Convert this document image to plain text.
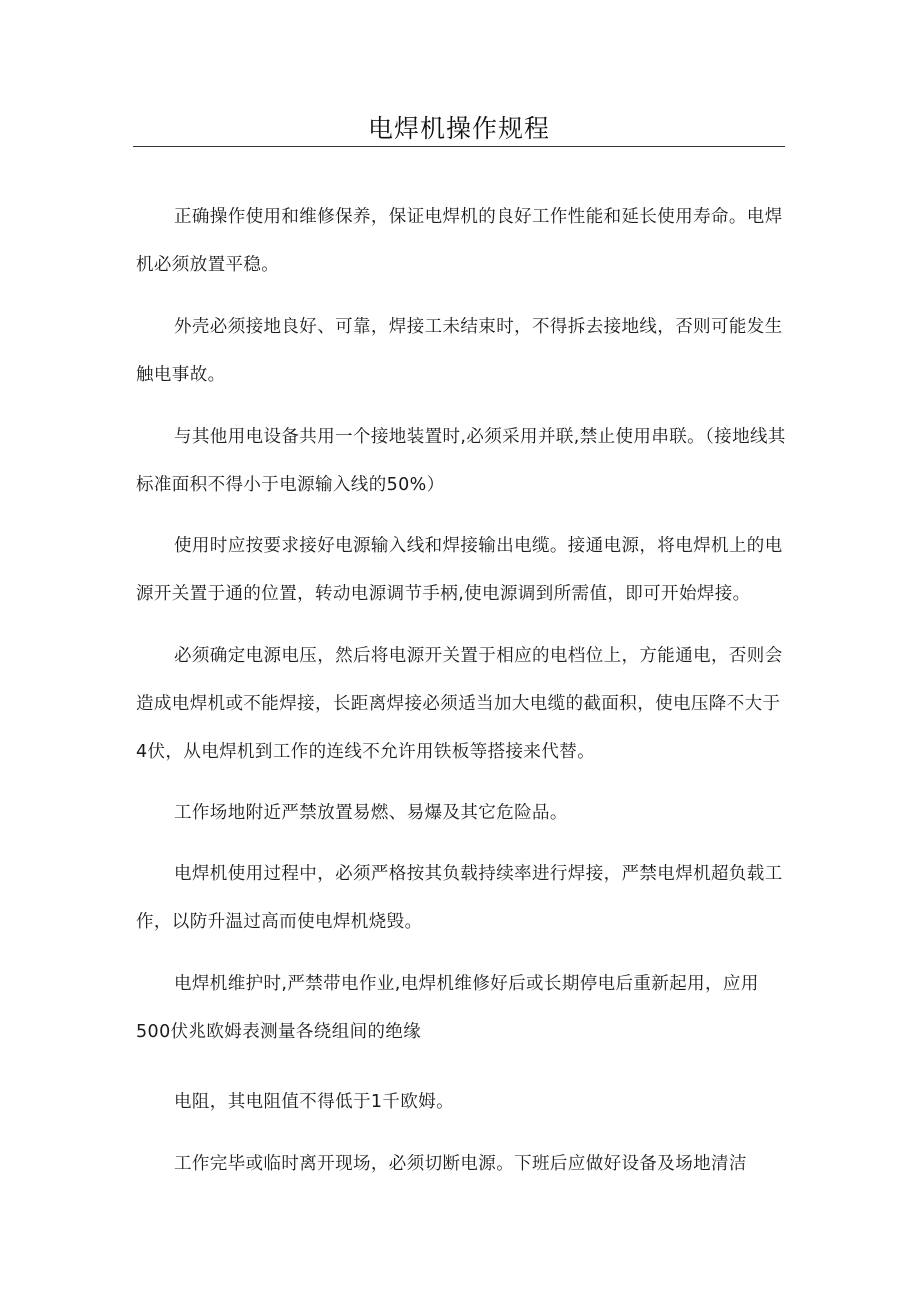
电焊机操作规程

正确操作使用和维修保养，保证电焊机的良好工作性能和延长使用寿命。电焊机必须放置平稳。

外壳必须接地良好、可靠，焊接工未结束时，不得拆去接地线，否则可能发生触电事故。

与其他用电设备共用一个接地装置时,必须采用并联,禁止使用串联。（接地线其标准面积不得小于电源输入线的50%）

使用时应按要求接好电源输入线和焊接输出电缆。接通电源，将电焊机上的电源开关置于通的位置，转动电源调节手柄,使电源调到所需值，即可开始焊接。

必须确定电源电压，然后将电源开关置于相应的电档位上，方能通电，否则会造成电焊机或不能焊接，长距离焊接必须适当加大电缆的截面积，使电压降不大于4伏，从电焊机到工作的连线不允许用铁板等搭接来代替。

工作场地附近严禁放置易燃、易爆及其它危险品。

电焊机使用过程中，必须严格按其负载持续率进行焊接，严禁电焊机超负载工作，以防升温过高而使电焊机烧毁。

电焊机维护时,严禁带电作业,电焊机维修好后或长期停电后重新起用，应用500伏兆欧姆表测量各绕组间的绝缘

电阻，其电阻值不得低于1千欧姆。

工作完毕或临时离开现场，必须切断电源。下班后应做好设备及场地清洁
